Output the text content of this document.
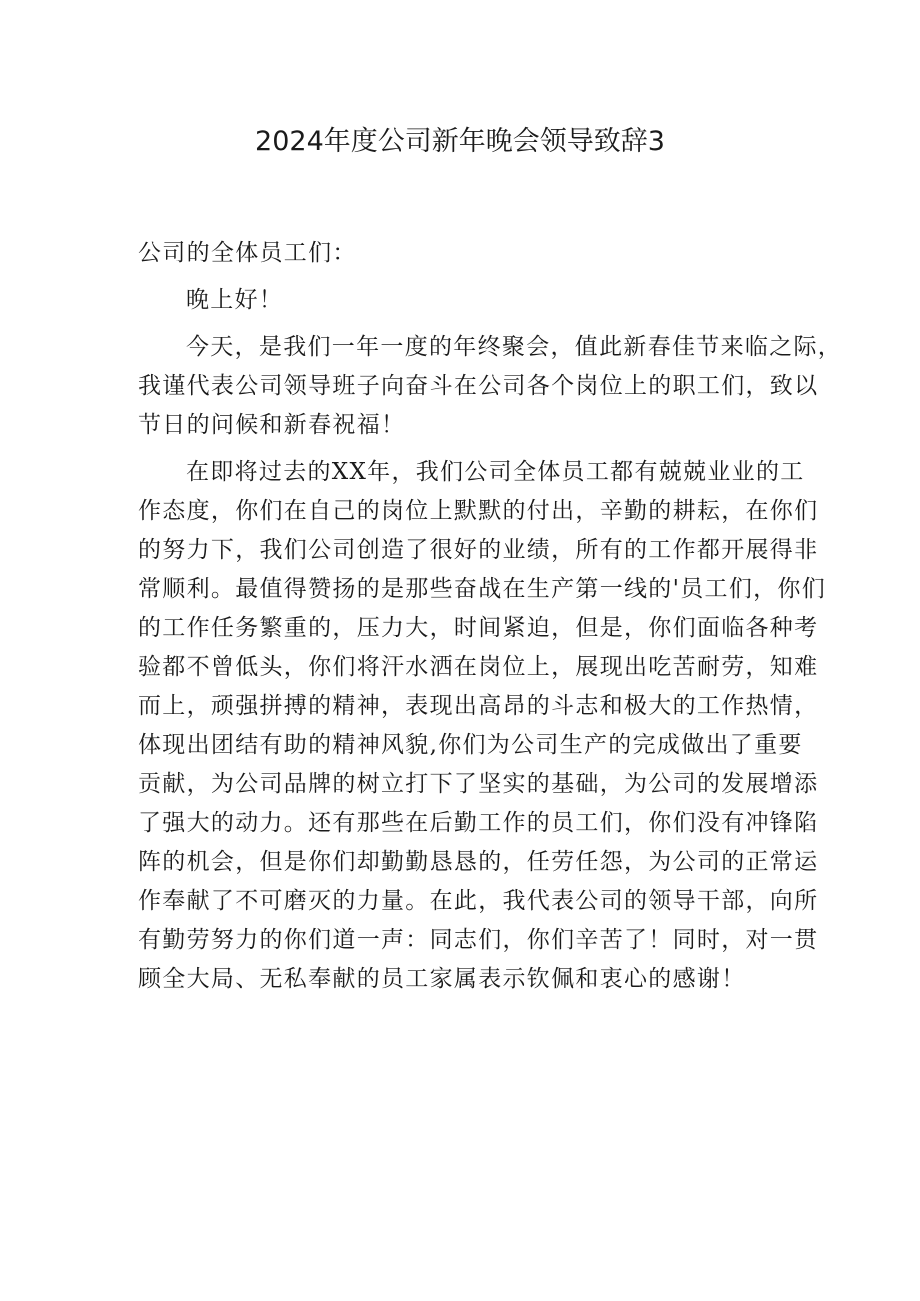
2024年度公司新年晚会领导致辞3
公司的全体员工们：
晚上好！
今天，是我们一年一度的年终聚会，值此新春佳节来临之际，
我谨代表公司领导班子向奋斗在公司各个岗位上的职工们，致以
节日的问候和新春祝福！
在即将过去的XX年，我们公司全体员工都有兢兢业业的工
作态度，你们在自己的岗位上默默的付出，辛勤的耕耘，在你们
的努力下，我们公司创造了很好的业绩，所有的工作都开展得非
常顺利。最值得赞扬的是那些奋战在生产第一线的'员工们，你们
的工作任务繁重的，压力大，时间紧迫，但是，你们面临各种考
验都不曾低头，你们将汗水洒在岗位上，展现出吃苦耐劳，知难
而上，顽强拼搏的精神，表现出高昂的斗志和极大的工作热情，
体现出团结有助的精神风貌,你们为公司生产的完成做出了重要
贡献，为公司品牌的树立打下了坚实的基础，为公司的发展增添
了强大的动力。还有那些在后勤工作的员工们，你们没有冲锋陷
阵的机会，但是你们却勤勤恳恳的，任劳任怨，为公司的正常运
作奉献了不可磨灭的力量。在此，我代表公司的领导干部，向所
有勤劳努力的你们道一声：同志们，你们辛苦了！同时，对一贯
顾全大局、无私奉献的员工家属表示钦佩和衷心的感谢！
